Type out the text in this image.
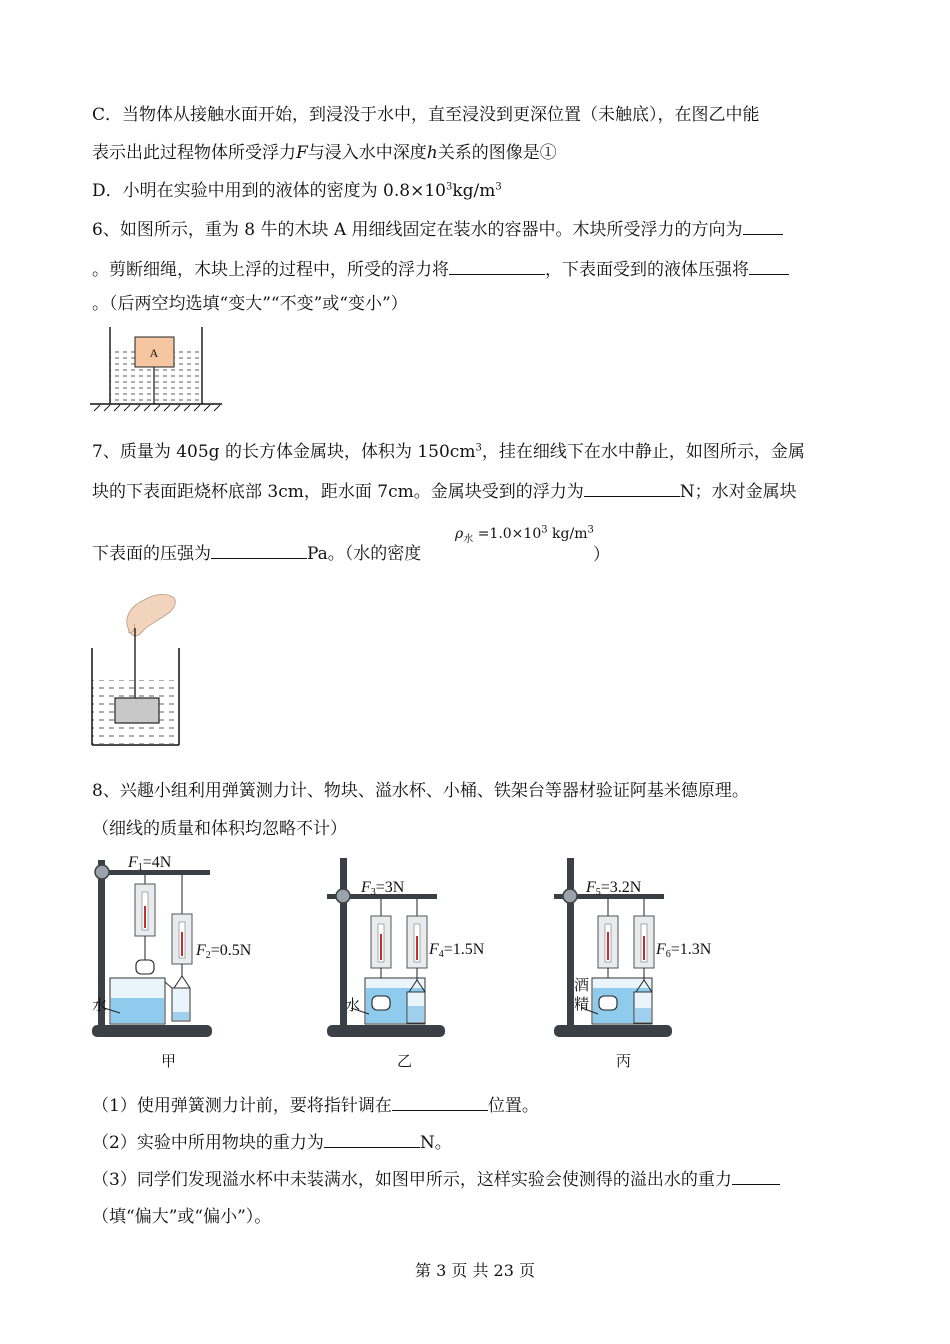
C．当物体从接触水面开始，到浸没于水中，直至浸没到更深位置（未触底），在图乙中能
表示出此过程物体所受浮力F与浸入水中深度h关系的图像是①
D．小明在实验中用到的液体的密度为 $0.8\times 10^3kg/m^3$
6、如图所示，重为 8 牛的木块 A 用细线固定在装水的容器中。木块所受浮力的方向为
。剪断细绳，木块上浮的过程中，所受的浮力将	，下表面受到的液体压强将
。（后两空均选填“变大”“不变”或“变小”）
A
7、质量为 405g 的长方体金属块，体积为 $150cm^3$，挂在细线下在水中静止，如图所示，金属
块的下表面距烧杯底部 3cm，距水面 7cm。金属块受到的浮力为	N；水对金属块
下表面的压强为	Pa。（水的密度
$\rho_水 =1.0\times 10^3$ $kg/m^3$
）
8、兴趣小组利用弹簧测力计、物块、溢水杯、小桶、铁架台等器材验证阿基米德原理。
（细线的质量和体积均忽略不计）
水
F1=4N
F2=0.5N
水
F3=3N
F4=1.5N
酒
精
F5=3.2N
F6=1.3N
甲	乙	丙
（1）使用弹簧测力计前，要将指针调在	位置。
（2）实验中所用物块的重力为	N。
（3）同学们发现溢水杯中未装满水，如图甲所示，这样实验会使测得的溢出水的重力
（填“偏大”或“偏小”）。
第 3 页 共 23 页
